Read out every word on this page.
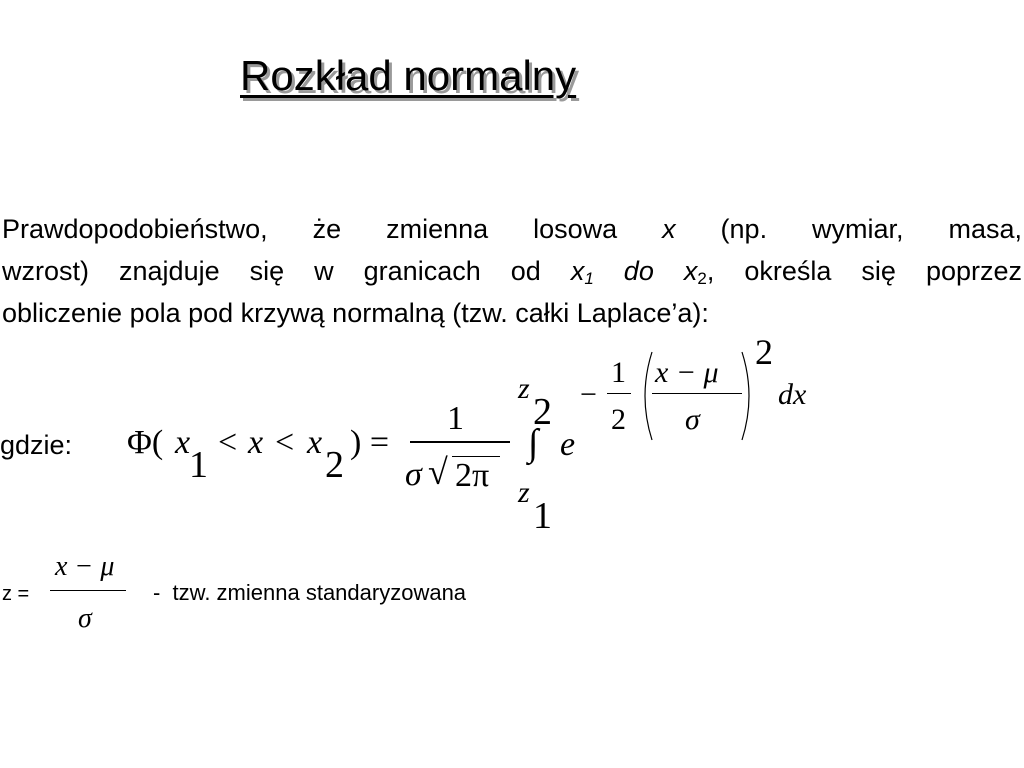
Rozkład normalny
Prawdopodobieństwo, że zmienna losowa x (np. wymiar, masa,
wzrost) znajduje się w granicach od $x_1$ do $x_2$, określa się poprzez
obliczenie pola pod krzywą normalną (tzw. całki Laplace’a):
gdzie: Φ( x
1
< x < x
2
) =
1
σ √ 2π
z
2
∫
z
1
e
−
1
2
x − μ
σ
2
dx
z =
x − μ
σ
-  tzw. zmienna standaryzowana
